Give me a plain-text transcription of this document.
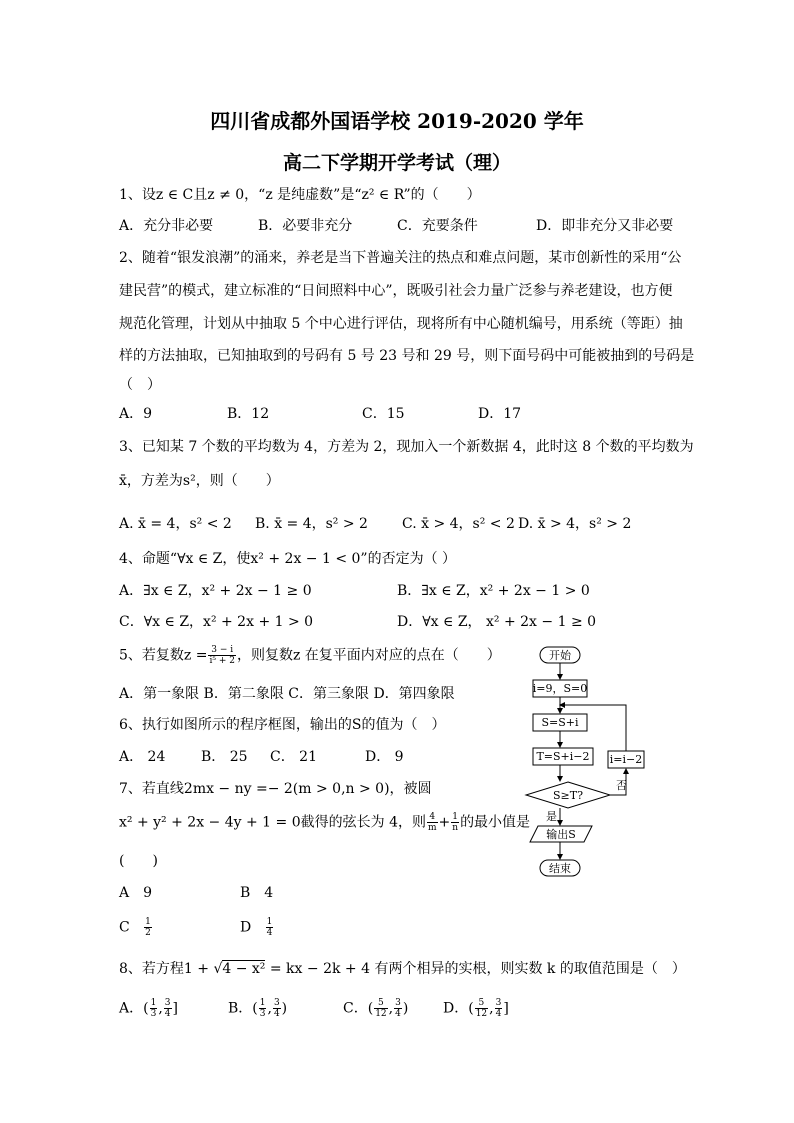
四川省成都外国语学校 2019-2020 学年
高二下学期开学考试（理）
1、设z ∈ C且z ≠ 0，“z 是纯虚数”是“z² ∈ R”的（　　）
A．充分非必要	B．必要非充分	C．充要条件	D．即非充分又非必要
2、随着“银发浪潮”的涌来，养老是当下普遍关注的热点和难点问题，某市创新性的采用“公
建民营”的模式，建立标准的“日间照料中心”，既吸引社会力量广泛参与养老建设，也方便
规范化管理，计划从中抽取 5 个中心进行评估，现将所有中心随机编号，用系统（等距）抽
样的方法抽取，已知抽取到的号码有 5 号 23 号和 29 号，则下面号码中可能被抽到的号码是
（　）
A．9	B．12	C．15	D．17
3、已知某 7 个数的平均数为 4，方差为 2，现加入一个新数据 4，此时这 8 个数的平均数为
x̄，方差为s²，则（　　）
A. x̄ = 4，s² < 2 B. x̄ = 4，s² > 2 C. x̄ > 4，s² < 2 D. x̄ > 4，s² > 2
4、命题“∀x ∈ Z，使x² + 2x − 1 < 0”的否定为（ ）
A．∃x ∈ Z，x² + 2x − 1 ≥ 0	B．∃x ∈ Z，x² + 2x − 1 > 0
C．∀x ∈ Z，x² + 2x + 1 > 0	D．∀x ∈ Z， x² + 2x − 1 ≥ 0
5、若复数$z = \frac{3 - i}{\text{i⁵ + 2}}$ ，则复数z 在复平面内对应的点在（　　）
A．第一象限 B．第二象限 C．第三象限 D．第四象限
6、执行如图所示的程序框图，输出的S的值为（　）
A． 24	B． 25 C． 21	D． 9
7、若直线2mx − ny =− 2(m > 0,n > 0)，被圆
x² + y² + 2x − 4y + 1 = 0截得的弦长为 4，则 $\frac{4}{m} + \frac{1}{n}$ 的最小值是
(　　)
A　9	B　4
C $\frac{1}{2}$	D $\frac{1}{4}$
8、若方程1 + √4 − x² = kx − 2k + 4 有两个相异的实根，则实数 k 的取值范围是（　）
A．( $\frac{1}{3}$ , $\frac{3}{4}$ ]	B．( $\frac{1}{3}$ , $\frac{3}{4}$ )	C．( $\frac{5}{12}$ , $\frac{3}{4}$ ) D．( $\frac{5}{12}$ , $\frac{3}{4}$ ]
开始
i=9，S=0
S=S+i
T=S+i−2
S≥T?
否
i=i−2
是
输出S
结束
